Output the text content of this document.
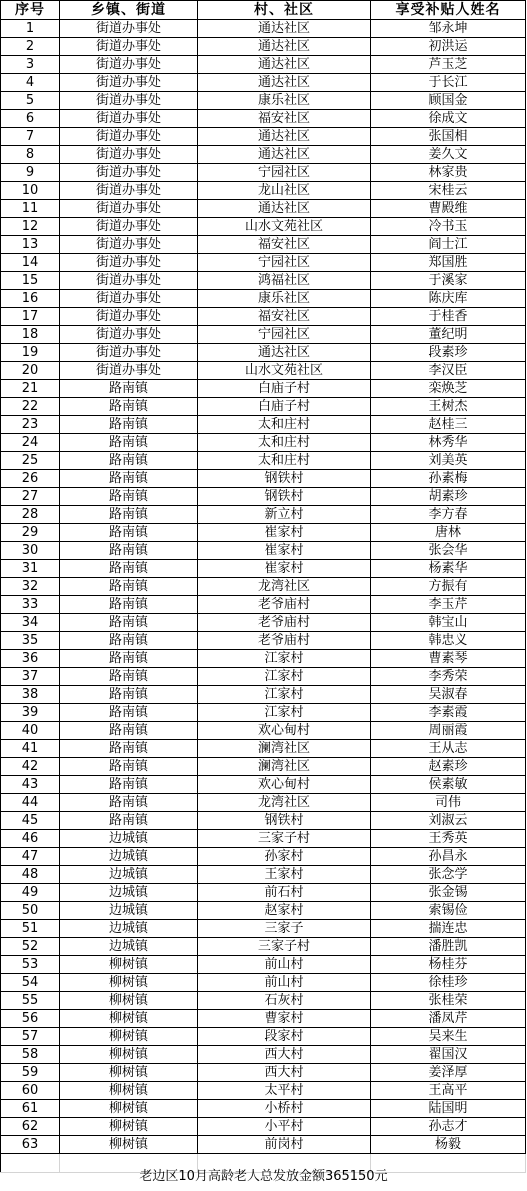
序号	乡镇、街道	村、社区	享受补贴人姓名
1	街道办事处	通达社区	邹永坤
2	街道办事处	通达社区	初洪运
3	街道办事处	通达社区	芦玉芝
4	街道办事处	通达社区	于长江
5	街道办事处	康乐社区	顾国金
6	街道办事处	福安社区	徐成文
7	街道办事处	通达社区	张国相
8	街道办事处	通达社区	姜久文
9	街道办事处	宁园社区	林家贵
10	街道办事处	龙山社区	宋桂云
11	街道办事处	通达社区	曹殿维
12	街道办事处	山水文苑社区	冷书玉
13	街道办事处	福安社区	阎士江
14	街道办事处	宁园社区	郑国胜
15	街道办事处	鸿福社区	于溪家
16	街道办事处	康乐社区	陈庆库
17	街道办事处	福安社区	于桂香
18	街道办事处	宁园社区	董纪明
19	街道办事处	通达社区	段素珍
20	街道办事处	山水文苑社区	李汉臣
21	路南镇	白庙子村	栾焕芝
22	路南镇	白庙子村	王树杰
23	路南镇	太和庄村	赵桂三
24	路南镇	太和庄村	林秀华
25	路南镇	太和庄村	刘美英
26	路南镇	钢铁村	孙素梅
27	路南镇	钢铁村	胡素珍
28	路南镇	新立村	李方春
29	路南镇	崔家村	唐林
30	路南镇	崔家村	张会华
31	路南镇	崔家村	杨素华
32	路南镇	龙湾社区	方振有
33	路南镇	老爷庙村	李玉芹
34	路南镇	老爷庙村	韩宝山
35	路南镇	老爷庙村	韩忠义
36	路南镇	江家村	曹素琴
37	路南镇	江家村	李秀荣
38	路南镇	江家村	吴淑春
39	路南镇	江家村	李素霞
40	路南镇	欢心甸村	周丽霞
41	路南镇	澜湾社区	王从志
42	路南镇	澜湾社区	赵素珍
43	路南镇	欢心甸村	侯素敏
44	路南镇	龙湾社区	司伟
45	路南镇	钢铁村	刘淑云
46	边城镇	三家子村	王秀英
47	边城镇	孙家村	孙昌永
48	边城镇	王家村	张念学
49	边城镇	前石村	张金锡
50	边城镇	赵家村	索锡俭
51	边城镇	三家子	揣连忠
52	边城镇	三家子村	潘胜凯
53	柳树镇	前山村	杨桂芬
54	柳树镇	前山村	徐桂珍
55	柳树镇	石灰村	张桂荣
56	柳树镇	曹家村	潘凤芹
57	柳树镇	段家村	吴来生
58	柳树镇	西大村	翟国汉
59	柳树镇	西大村	姜泽厚
60	柳树镇	太平村	王高平
61	柳树镇	小桥村	陆国明
62	柳树镇	小平村	孙志才
63	柳树镇	前岗村	杨毅

老边区10月高龄老人总发放金额365150元
